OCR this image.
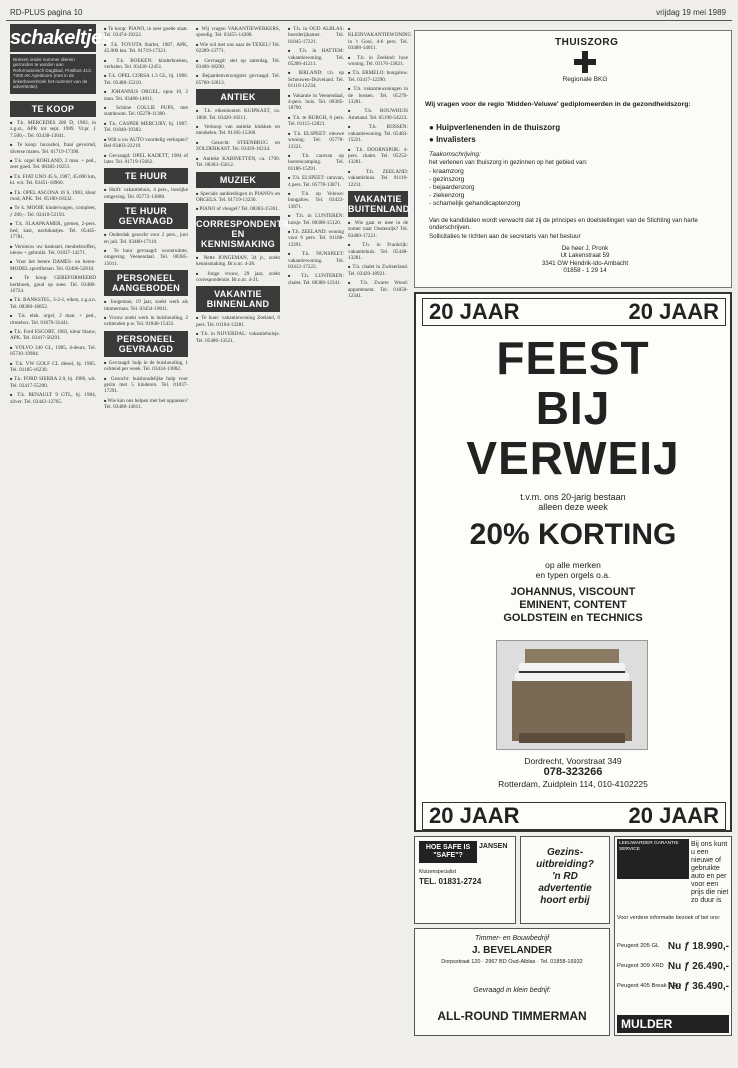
RD-PLUS pagina 10	vrijdag 19 mei 1989
schakeltjes
Brieven onder nummer dienen gezonden te worden aan Reformatorisch Dagblad, Postbus 413, 7300 AK Apeldoorn (met in de linkerbovenhoek het nummer van de advertentie).
TE KOOP
■ T.k. MERCEDES 200 D, 1982, in z.g.st., APK tot sept. 1989. Vr.pr. ƒ 7.500,-. Tel. 03438-13041.
■ Te koop: buxusbol, fraai gevormd, diverse maten. Tel. 01719-17390.
■ T.k. orgel ROHLAND, 2 man. + ped., zeer goed. Tel. 08383-10251.
■ T.k. FIAT UNO 45 S, 1987, 45.000 km, kl. wit. Tel. 03451-18960.
■ T.k. OPEL ASCONA 16 S, 1983, kleur rood, APK. Tel. 05180-18332.
■ Te k. MOOIE kinderwagen, compleet, ƒ 200,-. Tel. 03410-52193.
■ T.k. SLAAPKAMER, grenen, 2-pers. bed, kast, nachtkastjes. Tel. 05445-17781.
■ Vernieuw uw bankstel, meubelstoffen, nieuw + gebruikt. Tel. 01837-14271.
■ Voor het betere DAMES- en heren-MODEL sportfietsen. Tel. 03406-52810.
■ Te koop: GEREFORMEERD kerkboek, goud op snee. Tel. 03480-16724.
■ T.k. BANKSTEL, 3-2-1, eiken, z.g.a.n. Tel. 08380-18852.
■ T.k. elek. orgel, 2 man. + ped., ritmebox. Tel. 01670-31441.
■ T.k. Ford ESCORT, 1983, kleur blauw, APK. Tel. 03417-56291.
■ VOLVO 340 GL, 1985, 4-deurs. Tel. 05730-19984.
■ T.k. VW GOLF CL diesel, bj. 1985. Tel. 01185-16230.
■ T.k. FORD SIERRA 2.0, bj. 1986, wit. Tel. 03417-55290.
■ T.k. RENAULT 9 GTL, bj. 1984, zilver. Tel. 03443-12765.
■ Te koop: PIANO, in zeer goede staat. Tel. 03474-19222.
■ T.k. TOYOTA Starlet, 1987, APK, 45.000 km. Tel. 01719-17321.
■ T.k. BOEKEN: kinderboeken, verhalen. Tel. 03436-12451.
■ T.k. OPEL CORSA 1.3 GL, bj. 1986. Tel. 05488-15210.
■ JOHANNUS ORGEL, opus 10, 2 man. Tel. 03480-14011.
■ Schöne COLLIE PUPS, met stamboom. Tel. 05278-11380.
■ T.k. CASPER MERCURY, bj. 1987. Tel. 01840-19382.
■ Wilt u uw AUTO voordelig verkopen? Bel 03403-21210.
■ Gevraagd: OPEL KADETT, 1984 of later. Tel. 01719-15662.
TE HUUR
■ Huift: vakantiehuis, 4 pers., bosrijke omgeving. Tel. 05772-13880.
TE HUUR GEVRAAGD
■ Onderdak gezocht voor 2 pers., juni en juli. Tel. 03480-17110.
■ Te huur gevraagd: woonruimte, omgeving Veenendaal. Tel. 08385-15611.
PERSONEEL AANGEBODEN
■ Jongeman, 19 jaar, zoekt werk als timmerman. Tel. 03454-19011.
■ Vrouw zoekt werk in huishouding, 2 ochtenden p.w. Tel. 01840-15432.
PERSONEEL GEVRAAGD
■ Gevraagd: hulp in de huishouding, 1 ochtend per week. Tel. 03434-13882.
■ Gezocht: huishoudelijke hulp voor gezin met 5 kinderen. Tel. 01837-17291.
■ Wie kan ons helpen met het oppassen? Tel. 03488-14011.
■ Wij vragen VAKANTIEWERKERS, spoedig. Tel. 03455-14288.
■ Wie wil met ons naar de TEXEL? Tel. 02289-13771.
■ Gevraagd: stel op zaterdag. Tel. 03406-18290.
■ Bejaardenverzorgster gevraagd. Tel. 05760-12813.
ANTIEK
■ T.k. eikenhouten KUIPKAST, ca. 1860. Tel. 03420-18211.
■ Verkoop van antieke klokken en meubelen. Tel. 01185-15360.
■ Gezocht: STEENBRUG en ZOLDERKAST. Tel. 03439-16234.
■ Antieke KABINETTEN, ca. 1790. Tel. 08383-15812.
MUZIEK
■ Speciale aanbiedingen in PIANO's en ORGELS. Tel. 01719-13230.
■ PIANO of vleugel? Tel. 08383-15361.
CORRESPONDENTIE EN KENNISMAKING
■ Nette JONGEMAN, 34 jr., zoekt kennismaking. Br.o.nr. 4-28.
■ Jonge vrouw, 29 jaar, zoekt correspondentie. Br.o.nr. 4-31.
VAKANTIE BINNENLAND
■ Te huur: vakantiewoning Zeeland, 6 pers. Tel. 01184-13281.
■ T.h. in NIJVERDAL: vakantiehuisje. Tel. 05486-13521.
■ T.h. in OUD ALBLAS: boerderijkamer. Tel. 01845-17221.
■ T.h. in HATTEM: vakantiewoning. Tel. 05206-41211.
■ IERLAND: t.h. op Schouwen-Duiveland. Tel. 01110-12234.
■ Vakantie in Veenendaal, 4-pers. huis. Tel. 08385-18790.
■ T.h. te BURGH, 6 pers. Tel. 01115-12821.
■ T.h. ELSPEET: nieuwe woning. Tel. 05778-13221.
■ T.h. caravan op boerencamping. Tel. 01186-15291.
■ T.h. ELSPEET: caravan, 4 pers. Tel. 05778-13871.
■ T.h. op Veluwe: bungalow. Tel. 03422-13871.
■ T.h. in LUNTEREN: huisje. Tel. 08388-15120.
■ T.h. ZEELAND: woning voor 6 pers. Tel. 01188-13291.
■ T.h. NUNSPEET: vakantiewoning. Tel. 03412-17222.
■ T.h. LUNTEREN: chalet. Tel. 08388-12341.
■ KLEINVAKANTIEWONING in 't Gooi, 4-6 pers. Tel. 03488-14011.
■ T.h. in Zeeland: luxe woning. Tel. 01176-13821.
■ T.h. ERMELO: bungalow. Tel. 03417-12290.
■ T.h. vakantiewoningen in de bossen. Tel. 05270-13281.
■ T.h. BOUWHUIS Ameland. Tel. 05190-54223.
■ T.h. RIJSSEN: vakantiewoning. Tel. 05483-15221.
■ T.h. DOORNSPIJK: 4-pers. chalet. Tel. 05252-13281.
■ T.h. ZEELAND: vakantiehuis. Tel. 01110-12211.
VAKANTIE BUITENLAND
■ Wie gaat er mee in de zomer naar Oostenrijk? Tel. 03480-17221.
■ T.h. in Frankrijk: vakantiehuis. Tel. 05448-13281.
■ T.h. chalet in Zwitserland. Tel. 03420-18921.
■ T.h. Zwarte Woud: appartement. Tel. 01850-12341.
THUISZORG
Regionale BKG
Wij vragen voor de regio 'Midden-Veluwe' gediplomeerden in de gezondheidszorg:
● Huipverlenenden in de thuiszorg
● Invalisters
Taakomschrijving:
het verlenen van thuiszorg in gezinnen op het gebied van:
- kraamzorg
- gezinszorg
- bejaardenzorg
- ziekenzorg
- schamelijk gehandicaptenzorg
Van de kandidaten wordt verwacht dat zij de principes en doelstellingen van de Stichting van harte onderschrijven.
Sollicitaties te richten aan de secretaris van het bestuur
De heer J. Pronk
Ut Lakenstraat 59
3341 GW Hendrik-Ido-Ambacht
01858 - 1 29 14
20 JAAR	20 JAAR
FEEST
BIJ
VERWEIJ
t.v.m. ons 20-jarig bestaan
alleen deze week
20% KORTING
op alle merken
en typen orgels o.a.
JOHANNUS, VISCOUNT
EMINENT, CONTENT
GOLDSTEIN en TECHNICS
Dordrecht, Voorstraat 349
078-323266
Rotterdam, Zuidplein 114, 010-4102225
20 JAAR	20 JAAR
HOE SAFE IS "SAFE"?
JANSEN
Kluizenspecialist
TEL. 01831-2724
Gezins-
uitbreiding?
'n RD
advertentie
hoort erbij
Timmer- en Bouwbedrijf
J. BEVELANDER
Dorpsstraat 120 · 2967 BD Oud-Alblas · Tel. 01858-16932
Gevraagd in klein bedrijf:
ALL-ROUND TIMMERMAN
LEEUWARDER GARANTIE SERVICE
Bij ons kunt u een nieuwe of gebruikte auto en per voor een prijs die niet zo duur is
Voor verdere informatie bezoek of bel ons:
Peugeot 205 GL Nu ƒ 18.990,-
Peugeot 309 XRD Nu ƒ 26.490,-
Peugeot 405 Break GRD
Nu ƒ 36.490,-
MULDER
